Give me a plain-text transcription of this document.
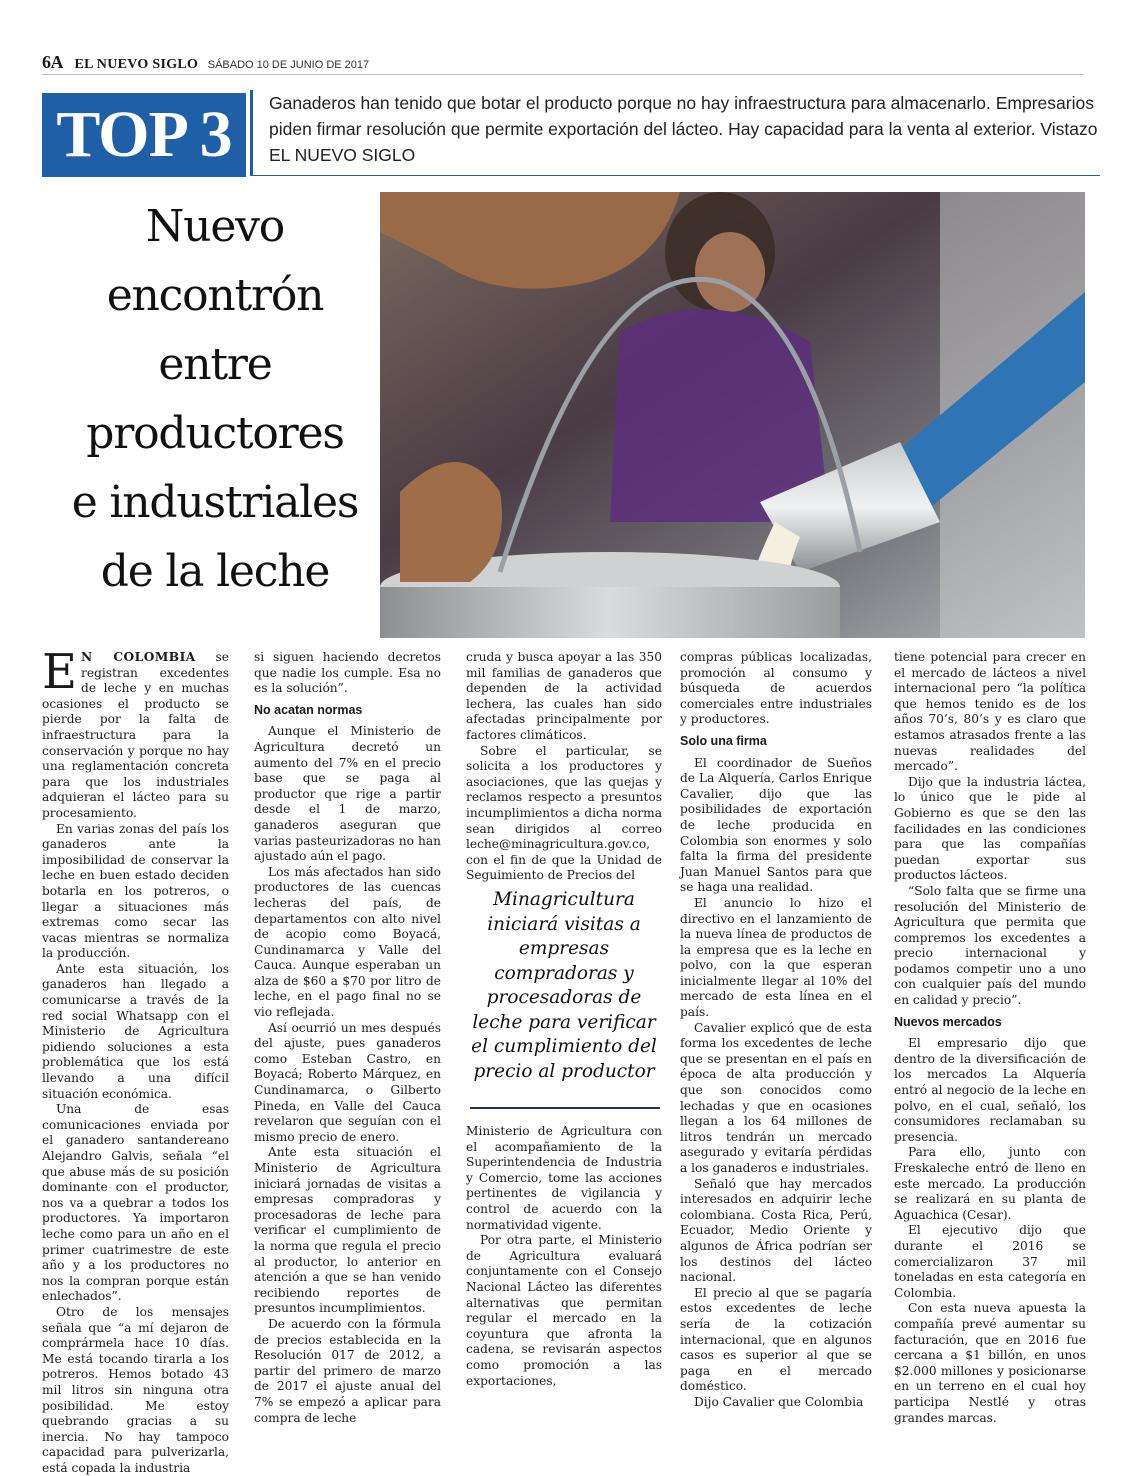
6A EL NUEVO SIGLO SÁBADO 10 DE JUNIO DE 2017
TOP 3	Ganaderos han tenido que botar el producto porque no hay infraestructura para almacenarlo. Empresarios piden firmar resolución que permite exportación del lácteo. Hay capacidad para la venta al exterior. Vistazo EL NUEVO SIGLO
Nuevo
encontrón
entre
productores
e industriales
de la leche

E N COLOMBIA se registran excedentes de leche y en muchas ocasiones el producto se pierde por la falta de infraestructura para la conservación y porque no hay una reglamentación concreta para que los industriales adquieran el lácteo para su procesamiento.

En varias zonas del país los ganaderos ante la imposibilidad de conservar la leche en buen estado deciden botarla en los potreros, o llegar a situaciones más extremas como secar las vacas mientras se normaliza la producción.

Ante esta situación, los ganaderos han llegado a comunicarse a través de la red social Whatsapp con el Ministerio de Agricultura pidiendo soluciones a esta problemática que los está llevando a una difícil situación económica.

Una de esas comunicaciones enviada por el ganadero santandereano Alejandro Galvis, señala “el que abuse más de su posición dominante con el productor, nos va a quebrar a todos los productores. Ya importaron leche como para un año en el primer cuatrimestre de este año y a los productores no nos la compran porque están enlechados”.

Otro de los mensajes señala que “a mí dejaron de comprármela hace 10 días. Me está tocando tirarla a los potreros. Hemos botado 43 mil litros sin ninguna otra posibilidad. Me estoy quebrando gracias a su inercia. No hay tampoco capacidad para pulverizarla, está copada la industria

si siguen haciendo decretos que nadie los cumple. Esa no es la solución”.

No acatan normas

Aunque el Ministerio de Agricultura decretó un aumento del 7% en el precio base que se paga al productor que rige a partir desde el 1 de marzo, ganaderos aseguran que varias pasteurizadoras no han ajustado aún el pago.

Los más afectados han sido productores de las cuencas lecheras del país, de departamentos con alto nivel de acopio como Boyacá, Cundinamarca y Valle del Cauca. Aunque esperaban un alza de $60 a $70 por litro de leche, en el pago final no se vio reflejada.

Así ocurrió un mes después del ajuste, pues ganaderos como Esteban Castro, en Boyacá; Roberto Márquez, en Cundinamarca, o Gilberto Pineda, en Valle del Cauca revelaron que seguían con el mismo precio de enero.

Ante esta situación el Ministerio de Agricultura iniciará jornadas de visitas a empresas compradoras y procesadoras de leche para verificar el cumplimiento de la norma que regula el precio al productor, lo anterior en atención a que se han venido recibiendo reportes de presuntos incumplimientos.

De acuerdo con la fórmula de precios establecida en la Resolución 017 de 2012, a partir del primero de marzo de 2017 el ajuste anual del 7% se empezó a aplicar para compra de leche

cruda y busca apoyar a las 350 mil familias de ganaderos que dependen de la actividad lechera, las cuales han sido afectadas principalmente por factores climáticos.

Sobre el particular, se solicita a los productores y asociaciones, que las quejas y reclamos respecto a presuntos incumplimientos a dicha norma sean dirigidos al correo leche@minagricultura.gov.co, con el fin de que la Unidad de Seguimiento de Precios del

Minagricultura iniciará visitas a empresas compradoras y procesadoras de leche para verificar el cumplimiento del precio al productor

Ministerio de Agricultura con el acompañamiento de la Superintendencia de Industria y Comercio, tome las acciones pertinentes de vigilancia y control de acuerdo con la normatividad vigente.

Por otra parte, el Ministerio de Agricultura evaluará conjuntamente con el Consejo Nacional Lácteo las diferentes alternativas que permitan regular el mercado en la coyuntura que afronta la cadena, se revisarán aspectos como promoción a las exportaciones,

compras públicas localizadas, promoción al consumo y búsqueda de acuerdos comerciales entre industriales y productores.

Solo una firma

El coordinador de Sueños de La Alquería, Carlos Enrique Cavalier, dijo que las posibilidades de exportación de leche producida en Colombia son enormes y solo falta la firma del presidente Juan Manuel Santos para que se haga una realidad.

El anuncio lo hizo el directivo en el lanzamiento de la nueva línea de productos de la empresa que es la leche en polvo, con la que esperan inicialmente llegar al 10% del mercado de esta línea en el país.

Cavalier explicó que de esta forma los excedentes de leche que se presentan en el país en época de alta producción y que son conocidos como lechadas y que en ocasiones llegan a los 64 millones de litros tendrán un mercado asegurado y evitaría pérdidas a los ganaderos e industriales.

Señaló que hay mercados interesados en adquirir leche colombiana. Costa Rica, Perú, Ecuador, Medio Oriente y algunos de África podrían ser los destinos del lácteo nacional.

El precio al que se pagaría estos excedentes de leche sería de la cotización internacional, que en algunos casos es superior al que se paga en el mercado doméstico.

Dijo Cavalier que Colombia

tiene potencial para crecer en el mercado de lácteos a nivel internacional pero “la política que hemos tenido es de los años 70’s, 80’s y es claro que estamos atrasados frente a las nuevas realidades del mercado”.

Dijo que la industria láctea, lo único que le pide al Gobierno es que se den las facilidades en las condiciones para que las compañías puedan exportar sus productos lácteos.

“Solo falta que se firme una resolución del Ministerio de Agricultura que permita que compremos los excedentes a precio internacional y podamos competir uno a uno con cualquier país del mundo en calidad y precio”.

Nuevos mercados

El empresario dijo que dentro de la diversificación de los mercados La Alquería entró al negocio de la leche en polvo, en el cual, señaló, los consumidores reclamaban su presencia.

Para ello, junto con Freskaleche entró de lleno en este mercado. La producción se realizará en su planta de Aguachica (Cesar).

El ejecutivo dijo que durante el 2016 se comercializaron 37 mil toneladas en esta categoría en Colombia.

Con esta nueva apuesta la compañía prevé aumentar su facturación, que en 2016 fue cercana a $1 billón, en unos $2.000 millones y posicionarse en un terreno en el cual hoy participa Nestlé y otras grandes marcas.
